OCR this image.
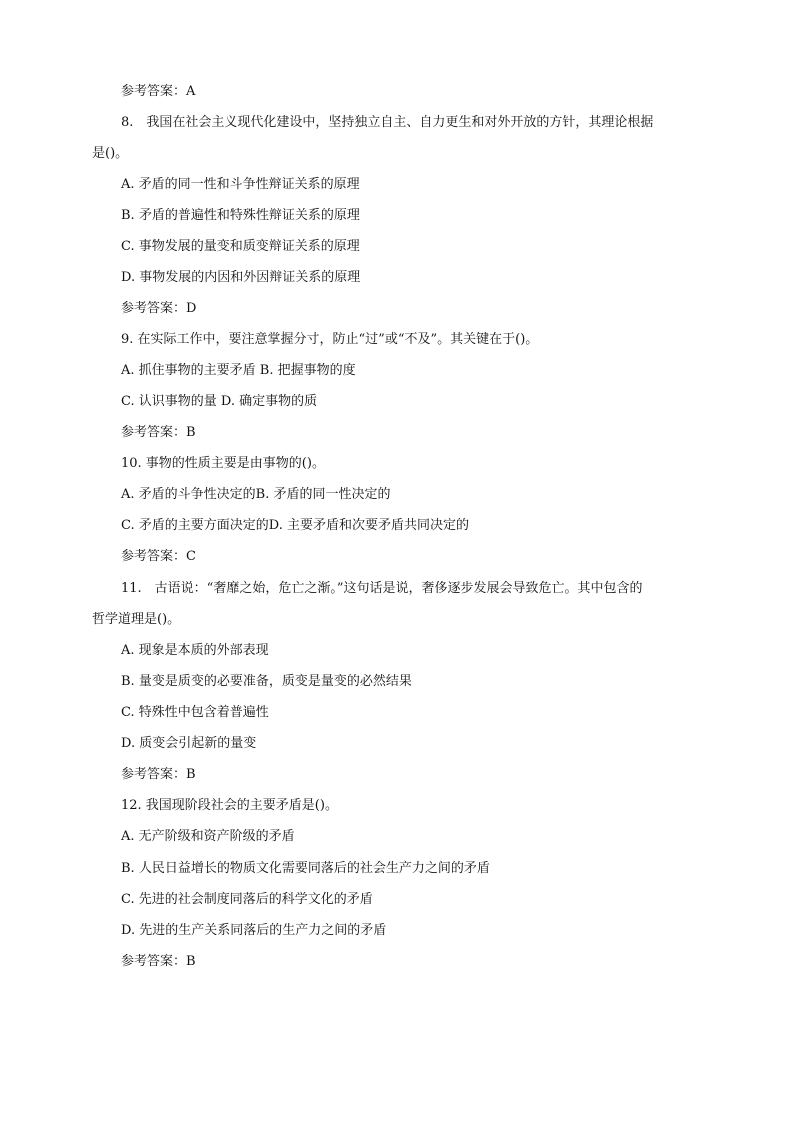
参考答案：A
8.　我国在社会主义现代化建设中，坚持独立自主、自力更生和对外开放的方针，其理论根据
是()。
A. 矛盾的同一性和斗争性辩证关系的原理
B. 矛盾的普遍性和特殊性辩证关系的原理
C. 事物发展的量变和质变辩证关系的原理
D. 事物发展的内因和外因辩证关系的原理
参考答案：D
9. 在实际工作中，要注意掌握分寸，防止“过”或“不及”。其关键在于()。
A. 抓住事物的主要矛盾 B. 把握事物的度
C. 认识事物的量 D. 确定事物的质
参考答案：B
10. 事物的性质主要是由事物的()。
A. 矛盾的斗争性决定的B. 矛盾的同一性决定的
C. 矛盾的主要方面决定的D. 主要矛盾和次要矛盾共同决定的
参考答案：C
11.　古语说：“奢靡之始，危亡之渐。”这句话是说，奢侈逐步发展会导致危亡。其中包含的
哲学道理是()。
A. 现象是本质的外部表现
B. 量变是质变的必要准备，质变是量变的必然结果
C. 特殊性中包含着普遍性
D. 质变会引起新的量变
参考答案：B
12. 我国现阶段社会的主要矛盾是()。
A. 无产阶级和资产阶级的矛盾
B. 人民日益增长的物质文化需要同落后的社会生产力之间的矛盾
C. 先进的社会制度同落后的科学文化的矛盾
D. 先进的生产关系同落后的生产力之间的矛盾
参考答案：B
